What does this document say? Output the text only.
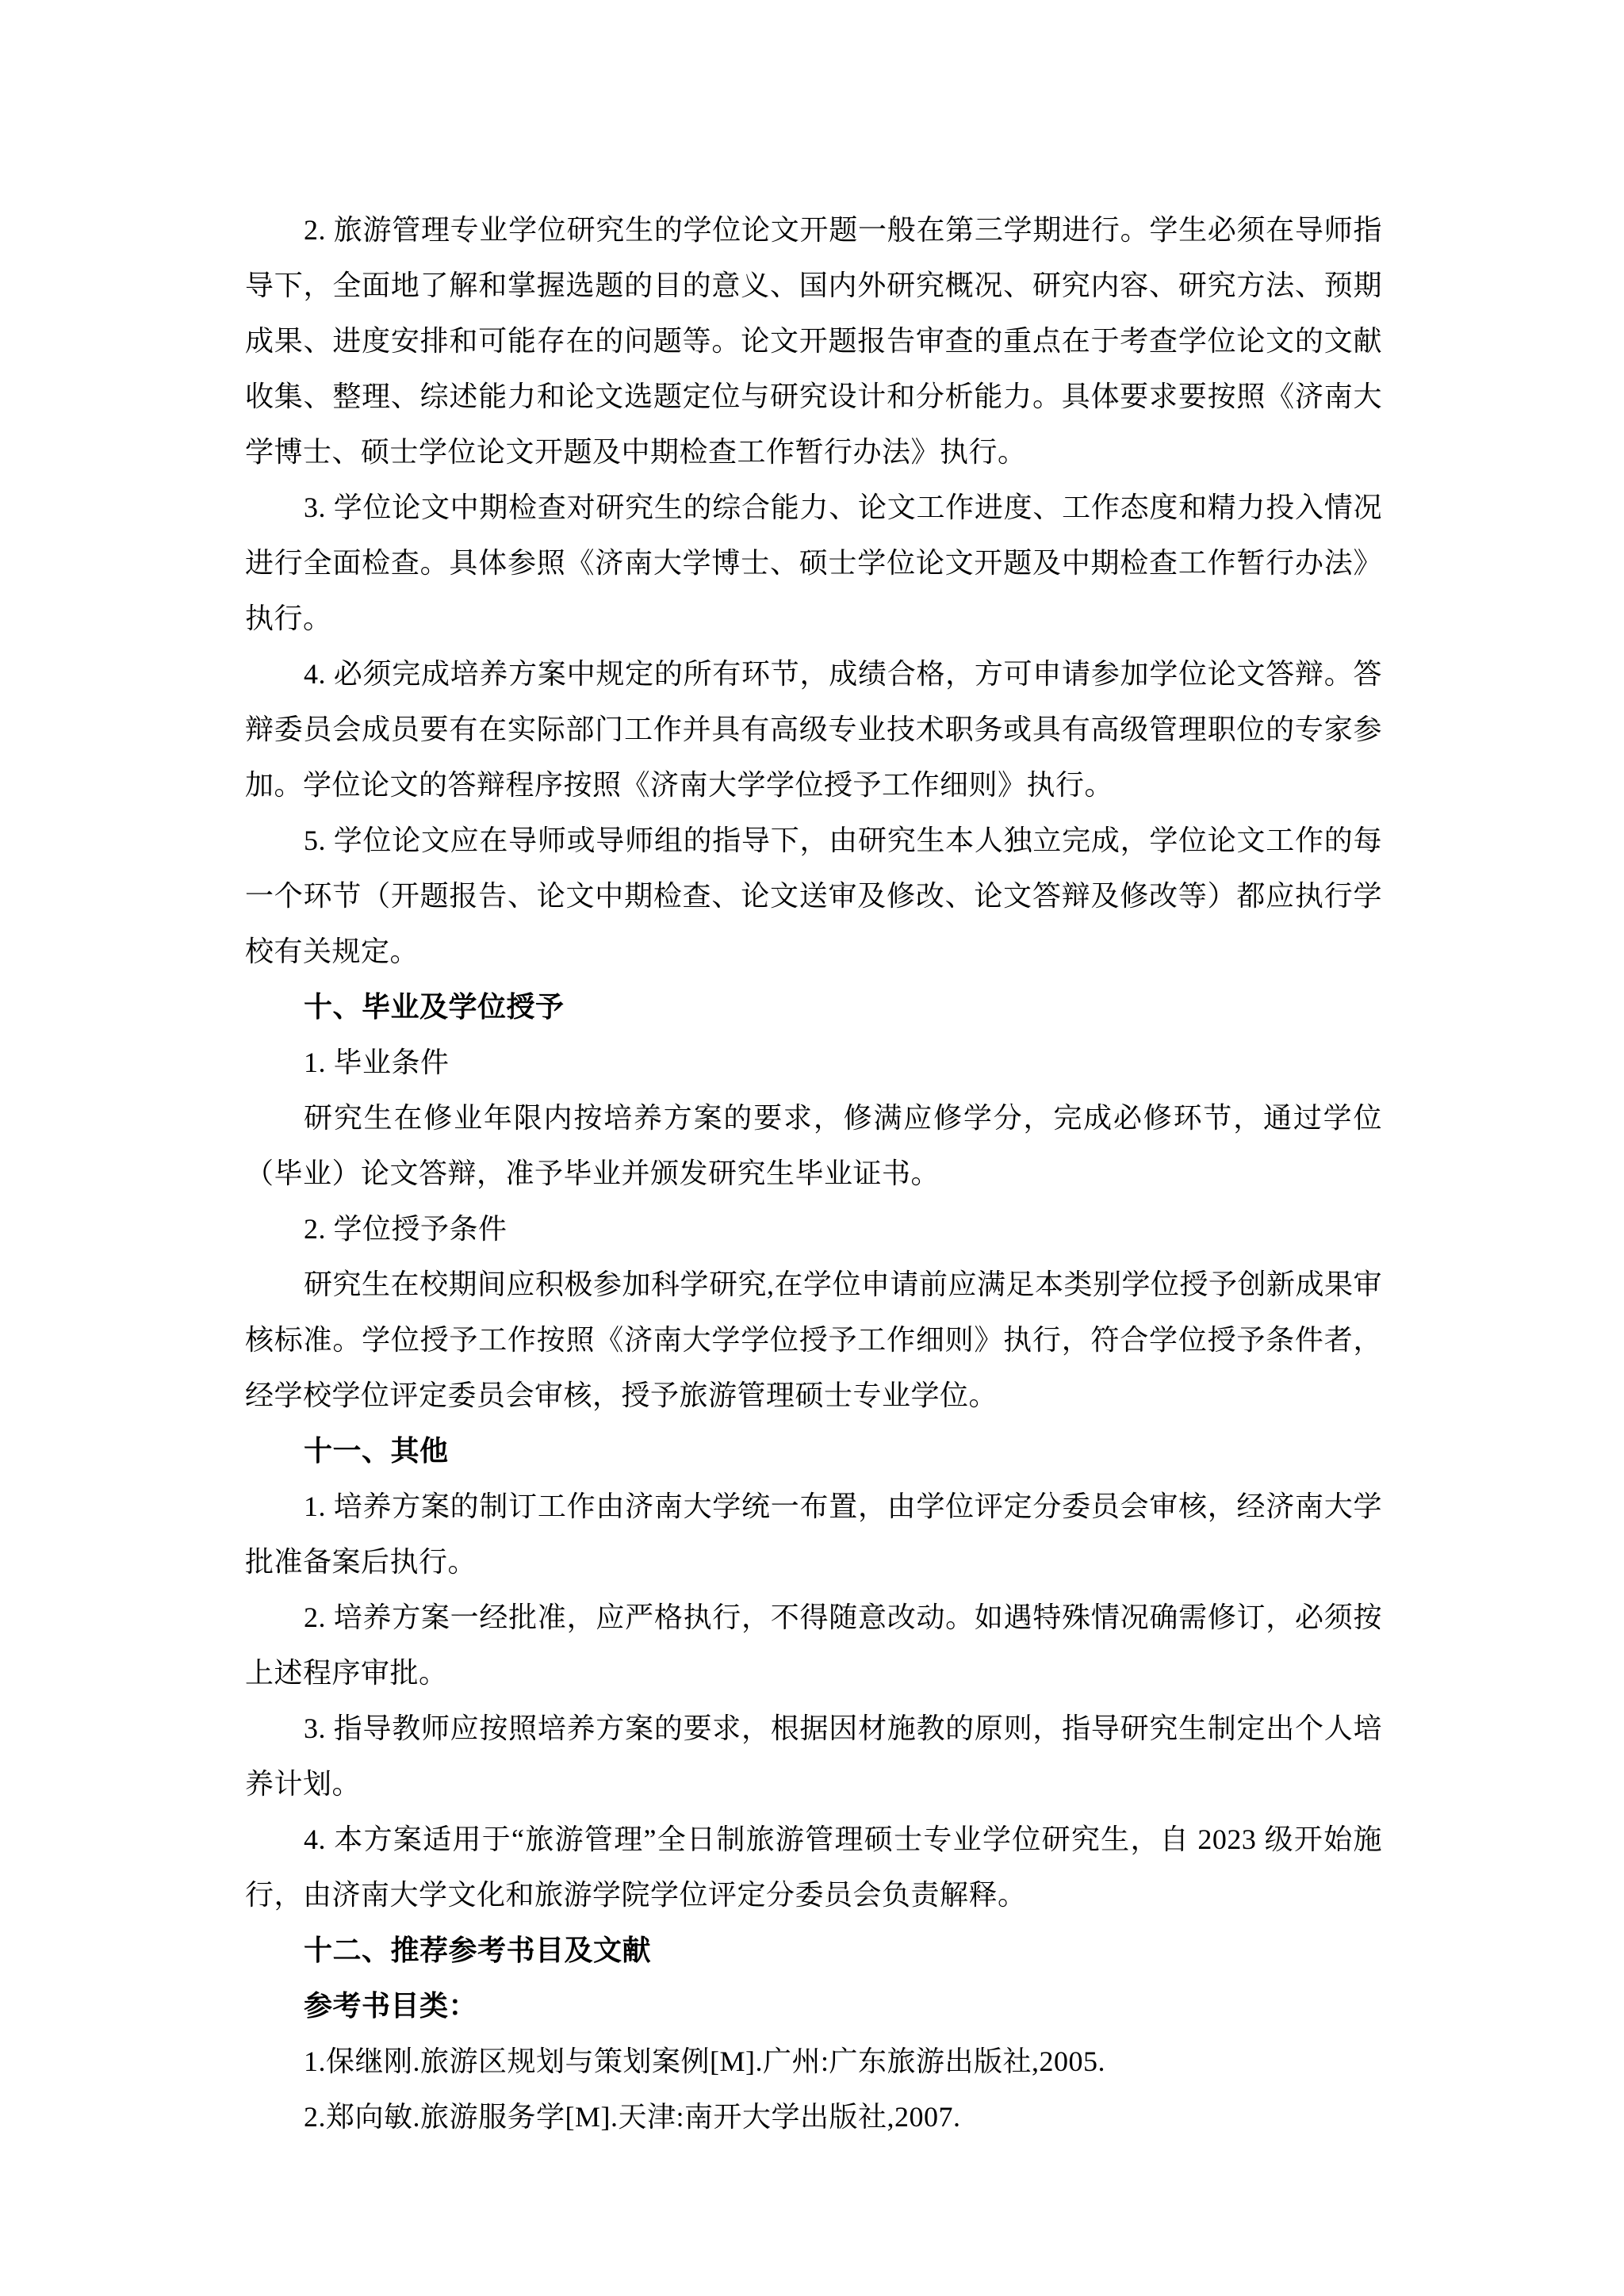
2. 旅游管理专业学位研究生的学位论文开题一般在第三学期进行。学生必须在导师指导下，全面地了解和掌握选题的目的意义、国内外研究概况、研究内容、研究方法、预期成果、进度安排和可能存在的问题等。论文开题报告审查的重点在于考查学位论文的文献收集、整理、综述能力和论文选题定位与研究设计和分析能力。具体要求要按照《济南大学博士、硕士学位论文开题及中期检查工作暂行办法》执行。

3. 学位论文中期检查对研究生的综合能力、论文工作进度、工作态度和精力投入情况进行全面检查。具体参照《济南大学博士、硕士学位论文开题及中期检查工作暂行办法》执行。

4. 必须完成培养方案中规定的所有环节，成绩合格，方可申请参加学位论文答辩。答辩委员会成员要有在实际部门工作并具有高级专业技术职务或具有高级管理职位的专家参加。学位论文的答辩程序按照《济南大学学位授予工作细则》执行。

5. 学位论文应在导师或导师组的指导下，由研究生本人独立完成，学位论文工作的每一个环节（开题报告、论文中期检查、论文送审及修改、论文答辩及修改等）都应执行学校有关规定。

十、毕业及学位授予

1. 毕业条件

研究生在修业年限内按培养方案的要求，修满应修学分，完成必修环节，通过学位（毕业）论文答辩，准予毕业并颁发研究生毕业证书。

2. 学位授予条件

研究生在校期间应积极参加科学研究,在学位申请前应满足本类别学位授予创新成果审核标准。学位授予工作按照《济南大学学位授予工作细则》执行，符合学位授予条件者，经学校学位评定委员会审核，授予旅游管理硕士专业学位。

十一、其他

1. 培养方案的制订工作由济南大学统一布置，由学位评定分委员会审核，经济南大学批准备案后执行。

2. 培养方案一经批准，应严格执行，不得随意改动。如遇特殊情况确需修订，必须按上述程序审批。

3. 指导教师应按照培养方案的要求，根据因材施教的原则，指导研究生制定出个人培养计划。

4. 本方案适用于“旅游管理”全日制旅游管理硕士专业学位研究生，自 2023 级开始施行，由济南大学文化和旅游学院学位评定分委员会负责解释。

十二、推荐参考书目及文献

参考书目类：

1.保继刚.旅游区规划与策划案例[M].广州:广东旅游出版社,2005.

2.郑向敏.旅游服务学[M].天津:南开大学出版社,2007.
